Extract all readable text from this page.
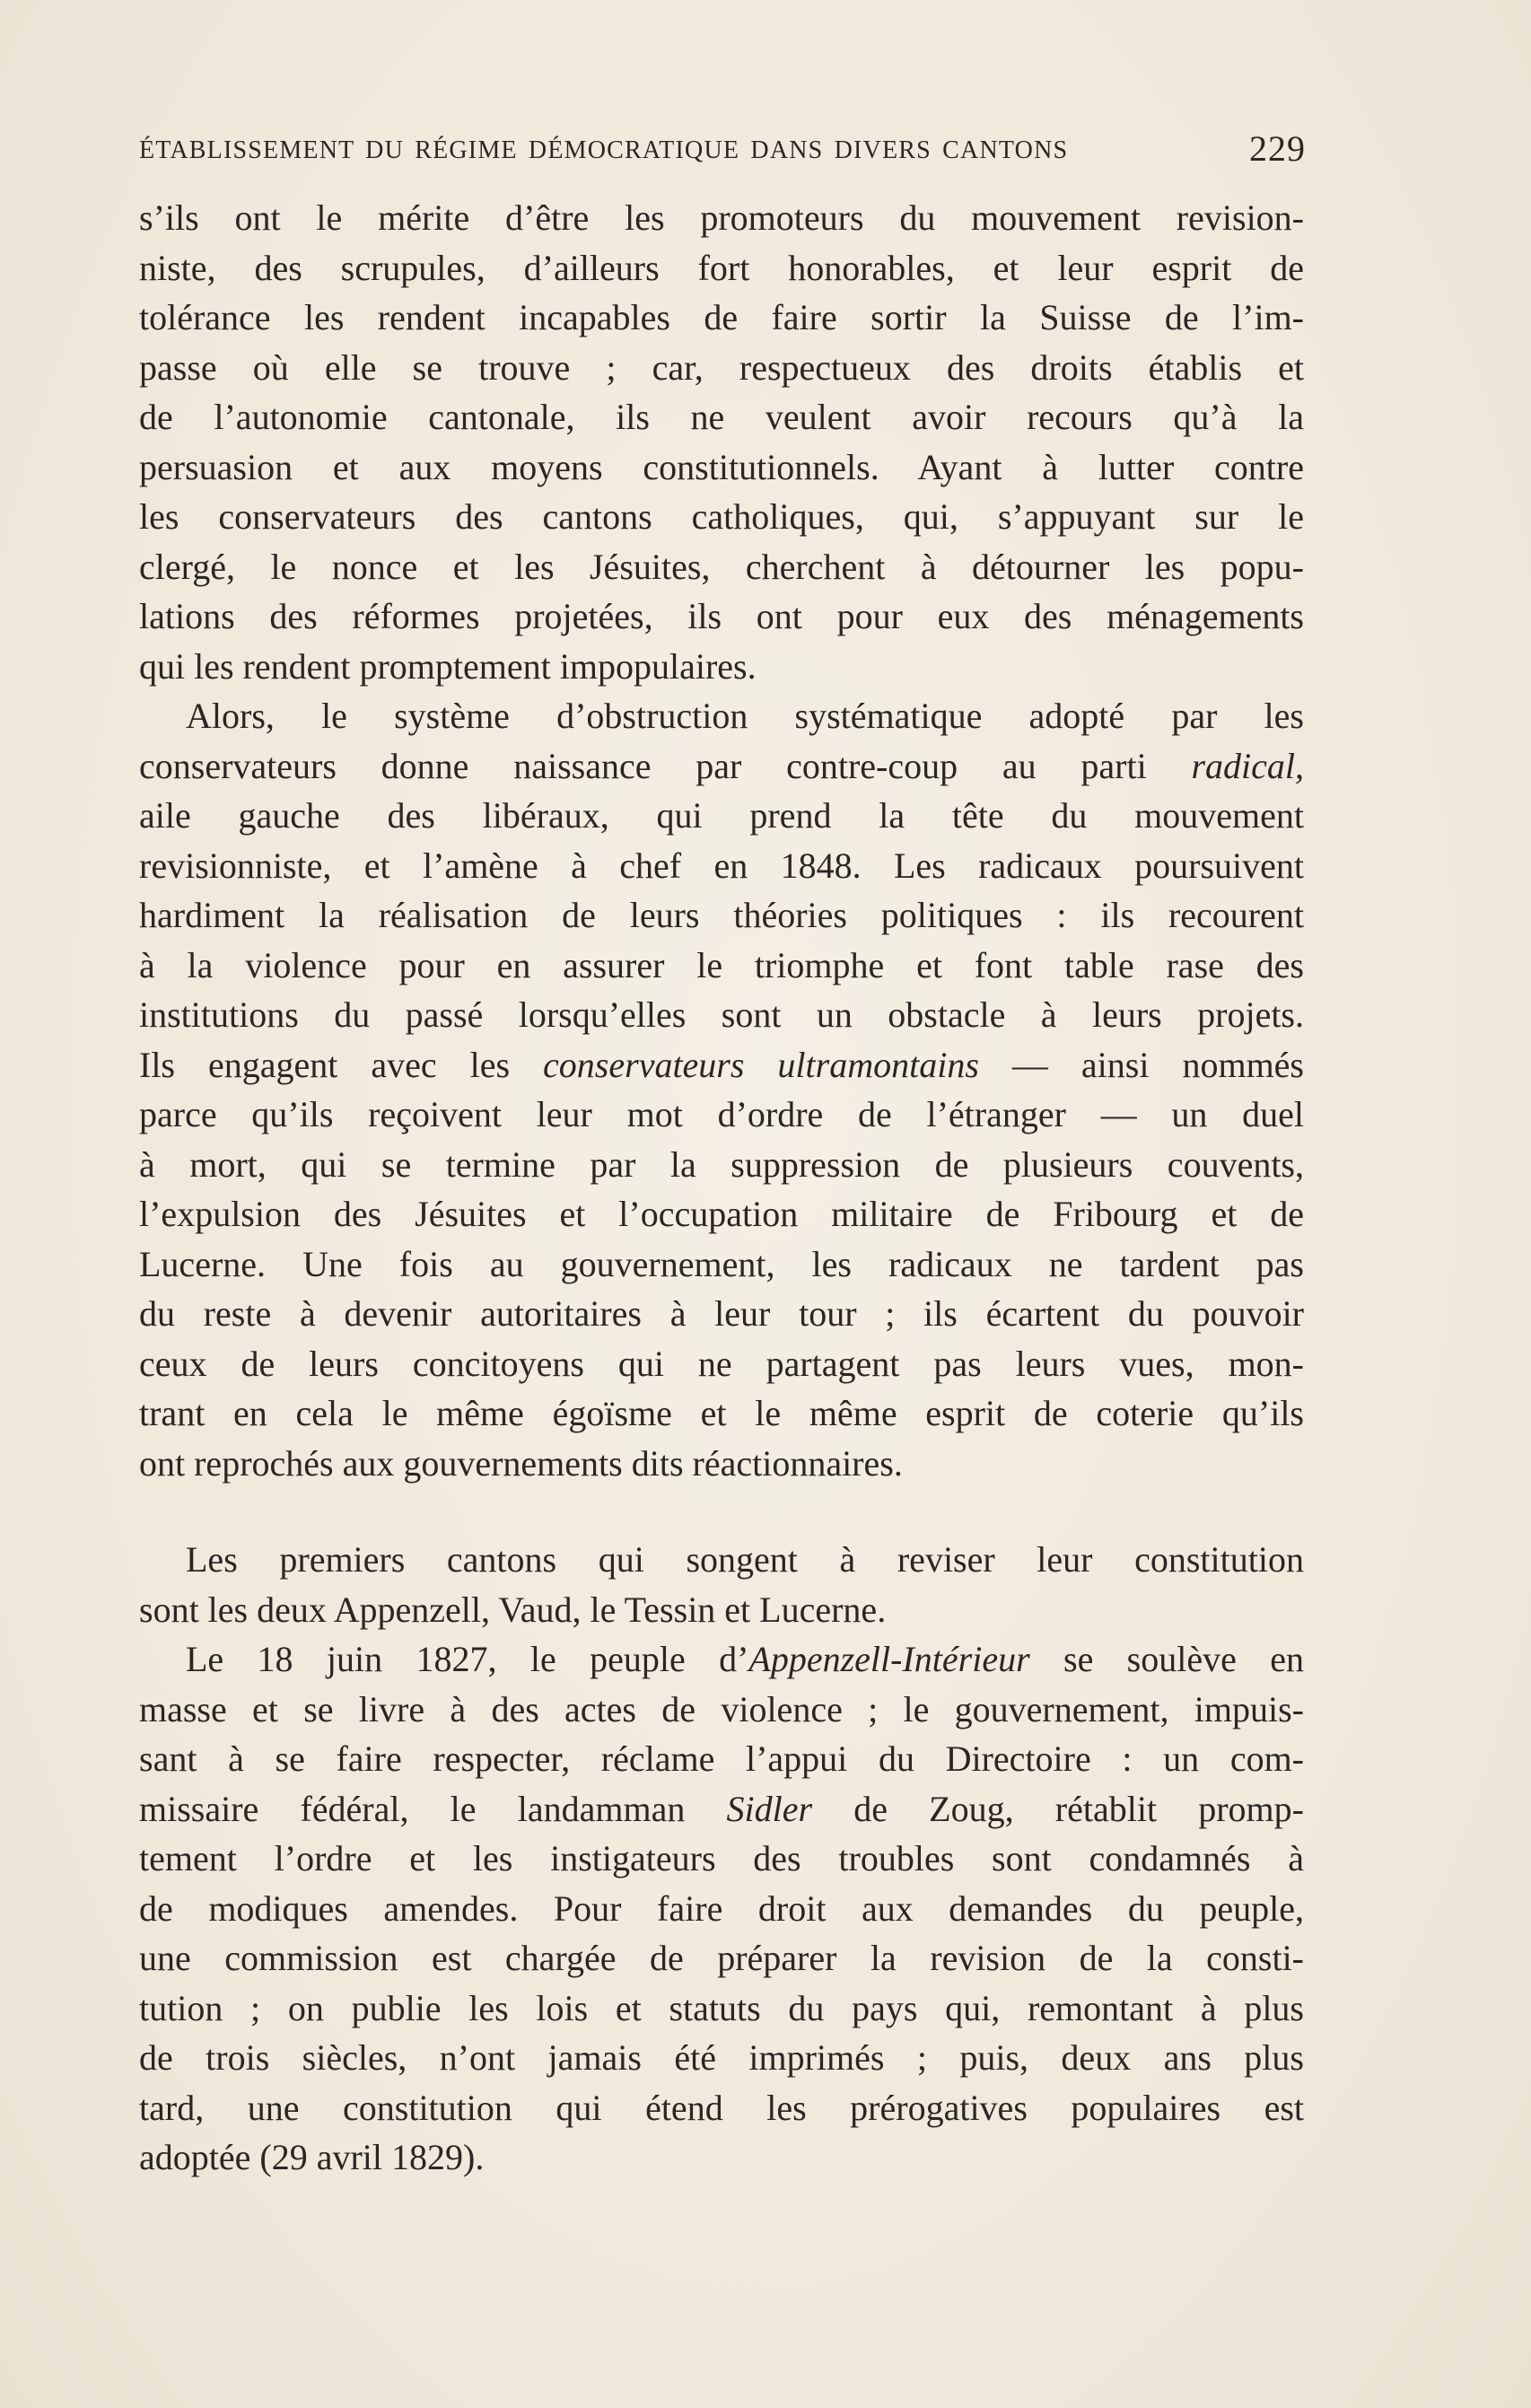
ÉTABLISSEMENT DU RÉGIME DÉMOCRATIQUE DANS DIVERS CANTONS	229
s’ils ont le mérite d’être les promoteurs du mouvement revision-
niste, des scrupules, d’ailleurs fort honorables, et leur esprit de
tolérance les rendent incapables de faire sortir la Suisse de l’im-
passe où elle se trouve ; car, respectueux des droits établis et
de l’autonomie cantonale, ils ne veulent avoir recours qu’à la
persuasion et aux moyens constitutionnels. Ayant à lutter contre
les conservateurs des cantons catholiques, qui, s’appuyant sur le
clergé, le nonce et les Jésuites, cherchent à détourner les popu-
lations des réformes projetées, ils ont pour eux des ménagements
qui les rendent promptement impopulaires.
Alors, le système d’obstruction systématique adopté par les
conservateurs donne naissance par contre-coup au parti radical,
aile gauche des libéraux, qui prend la tête du mouvement
revisionniste, et l’amène à chef en 1848. Les radicaux poursuivent
hardiment la réalisation de leurs théories politiques : ils recourent
à la violence pour en assurer le triomphe et font table rase des
institutions du passé lorsqu’elles sont un obstacle à leurs projets.
Ils engagent avec les conservateurs ultramontains — ainsi nommés
parce qu’ils reçoivent leur mot d’ordre de l’étranger — un duel
à mort, qui se termine par la suppression de plusieurs couvents,
l’expulsion des Jésuites et l’occupation militaire de Fribourg et de
Lucerne. Une fois au gouvernement, les radicaux ne tardent pas
du reste à devenir autoritaires à leur tour ; ils écartent du pouvoir
ceux de leurs concitoyens qui ne partagent pas leurs vues, mon-
trant en cela le même égoïsme et le même esprit de coterie qu’ils
ont reprochés aux gouvernements dits réactionnaires.
Les premiers cantons qui songent à reviser leur constitution
sont les deux Appenzell, Vaud, le Tessin et Lucerne.
Le 18 juin 1827, le peuple d’Appenzell-Intérieur se soulève en
masse et se livre à des actes de violence ; le gouvernement, impuis-
sant à se faire respecter, réclame l’appui du Directoire : un com-
missaire fédéral, le landamman Sidler de Zoug, rétablit promp-
tement l’ordre et les instigateurs des troubles sont condamnés à
de modiques amendes. Pour faire droit aux demandes du peuple,
une commission est chargée de préparer la revision de la consti-
tution ; on publie les lois et statuts du pays qui, remontant à plus
de trois siècles, n’ont jamais été imprimés ; puis, deux ans plus
tard, une constitution qui étend les prérogatives populaires est
adoptée (29 avril 1829).
